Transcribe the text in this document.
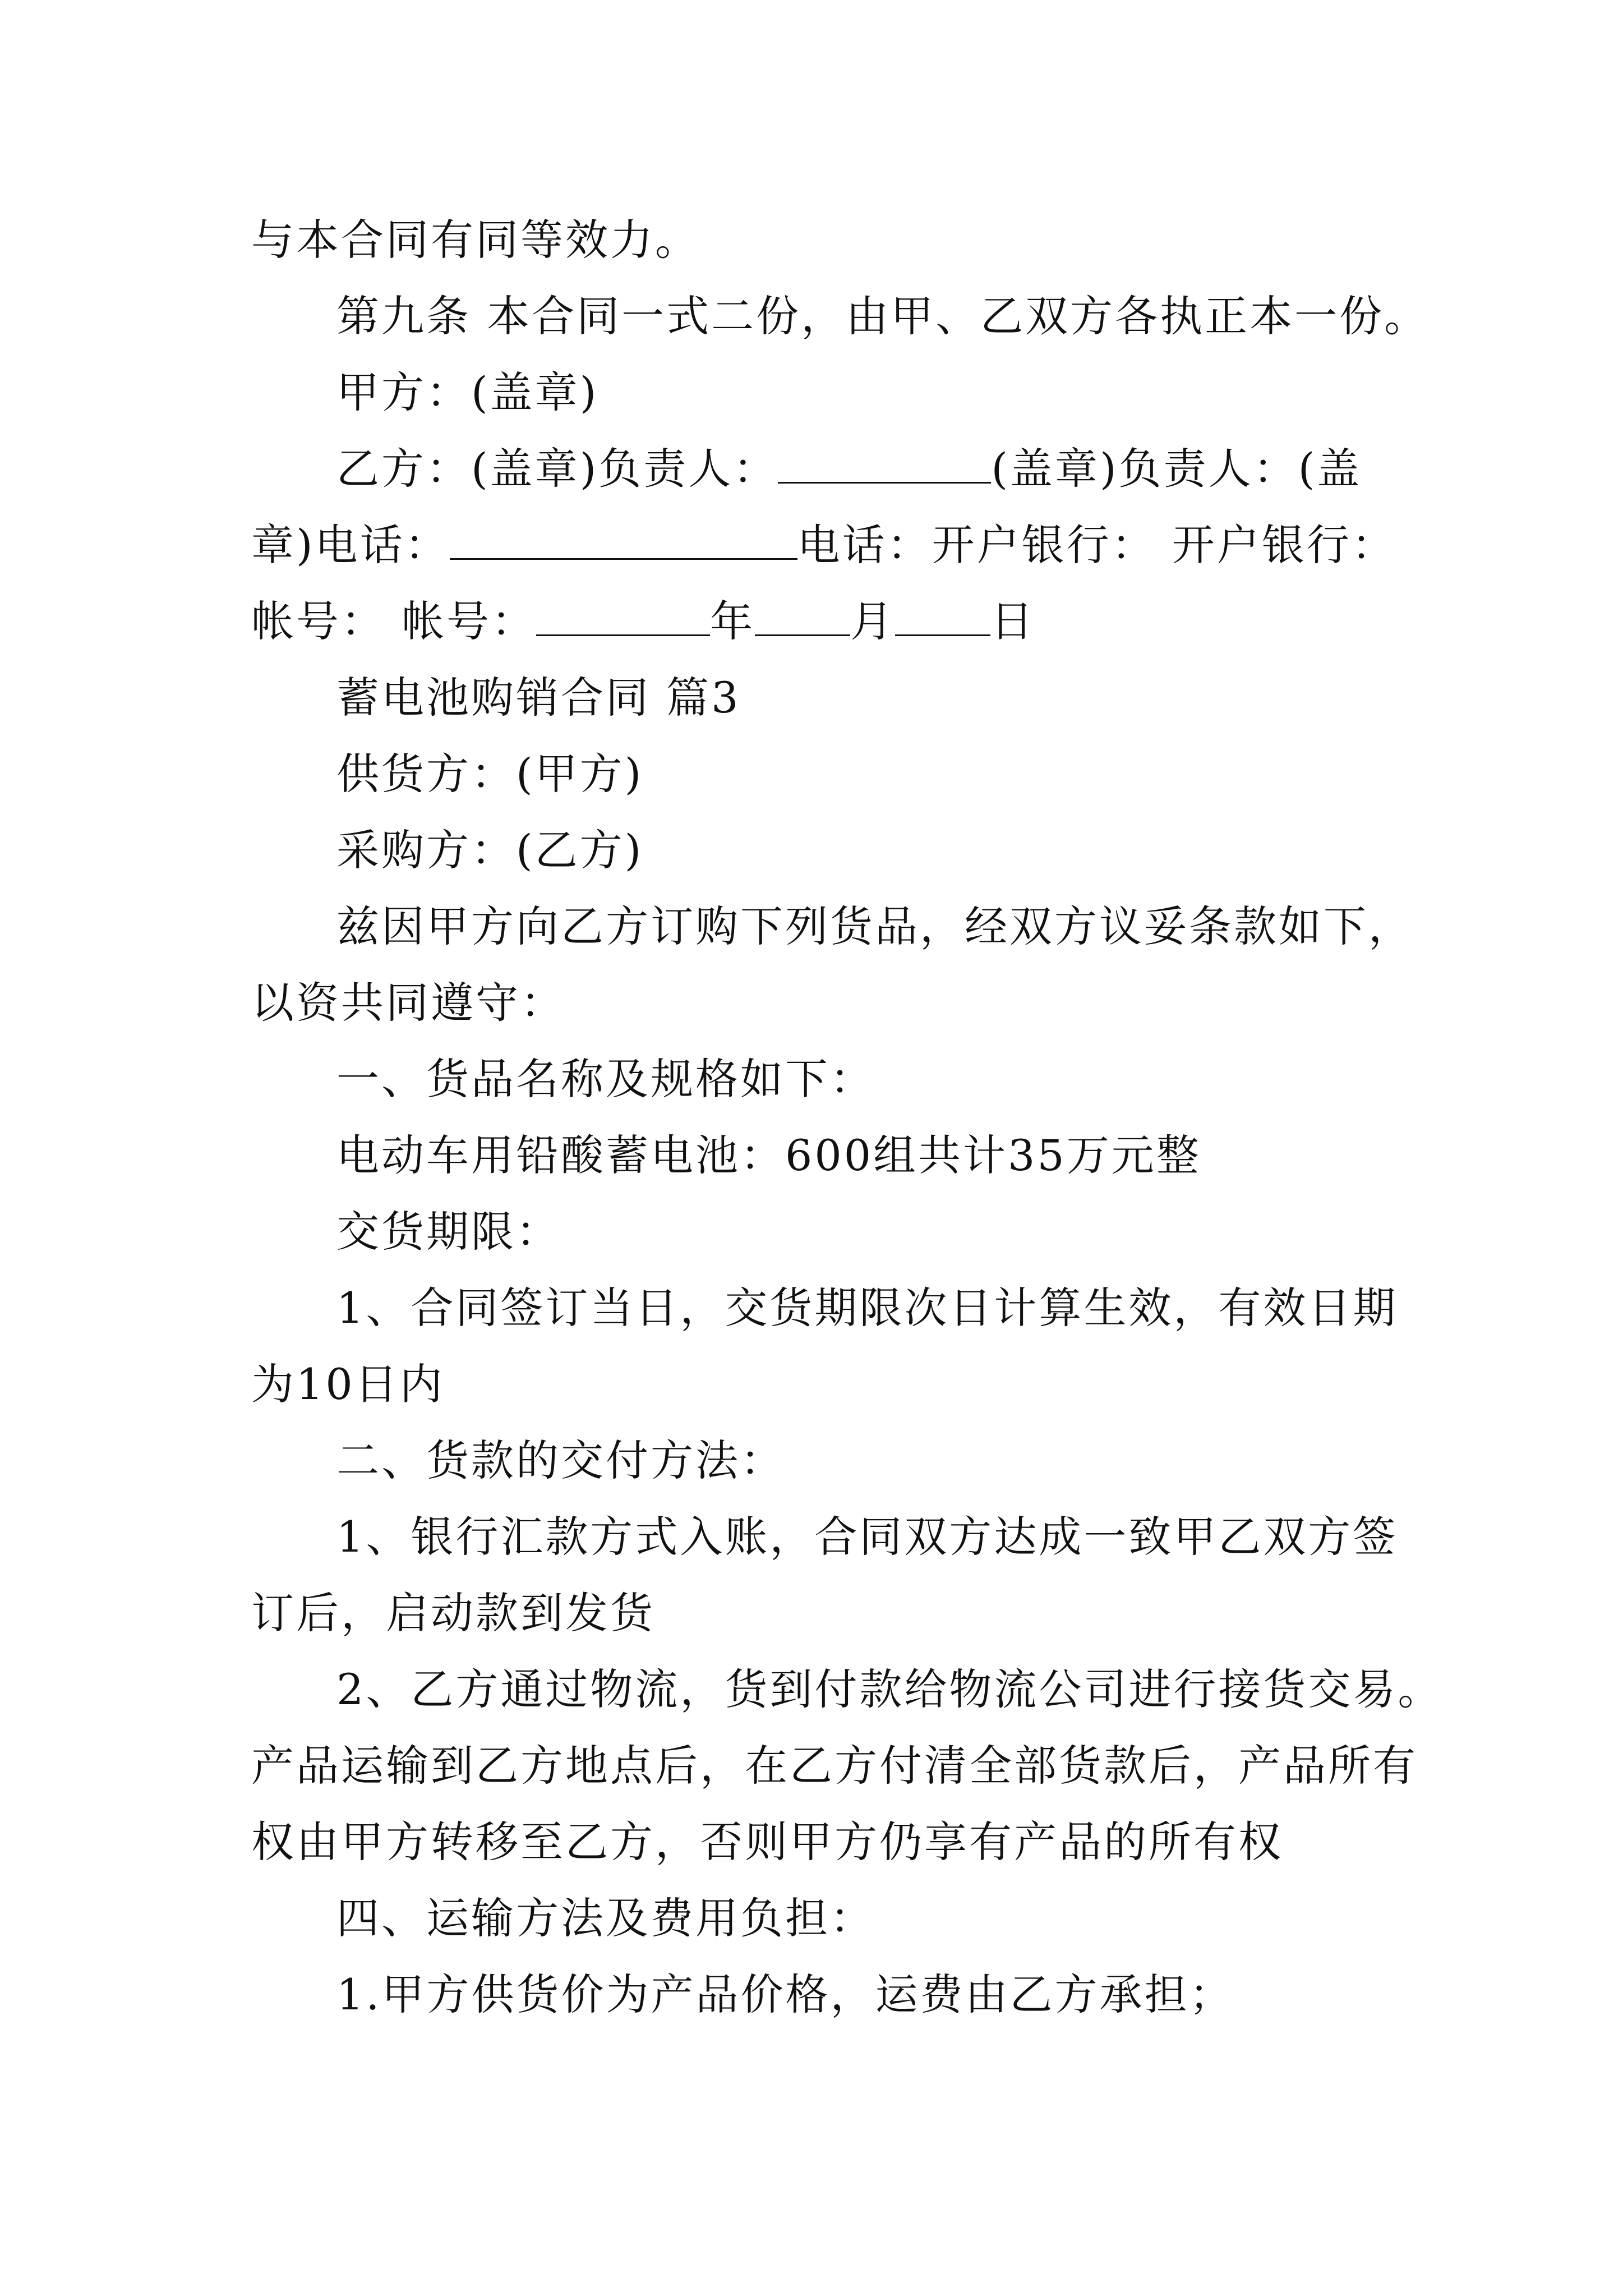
与本合同有同等效力。
第九条 本合同一式二份，由甲、乙双方各执正本一份。
甲方：(盖章)
乙方：(盖章)负责人：	(盖章)负责人：(盖
章)电话：	电话：开户银行： 开户银行：
帐号： 帐号：	年 月 日
蓄电池购销合同 篇3
供货方：(甲方)
采购方：(乙方)
兹因甲方向乙方订购下列货品，经双方议妥条款如下，
以资共同遵守：
一、货品名称及规格如下：
电动车用铅酸蓄电池：600组共计35万元整
交货期限：
1、合同签订当日，交货期限次日计算生效，有效日期
为10日内
二、货款的交付方法：
1、银行汇款方式入账，合同双方达成一致甲乙双方签
订后，启动款到发货
2、乙方通过物流，货到付款给物流公司进行接货交易。
产品运输到乙方地点后，在乙方付清全部货款后，产品所有
权由甲方转移至乙方，否则甲方仍享有产品的所有权
四、运输方法及费用负担：
1.甲方供货价为产品价格，运费由乙方承担；
